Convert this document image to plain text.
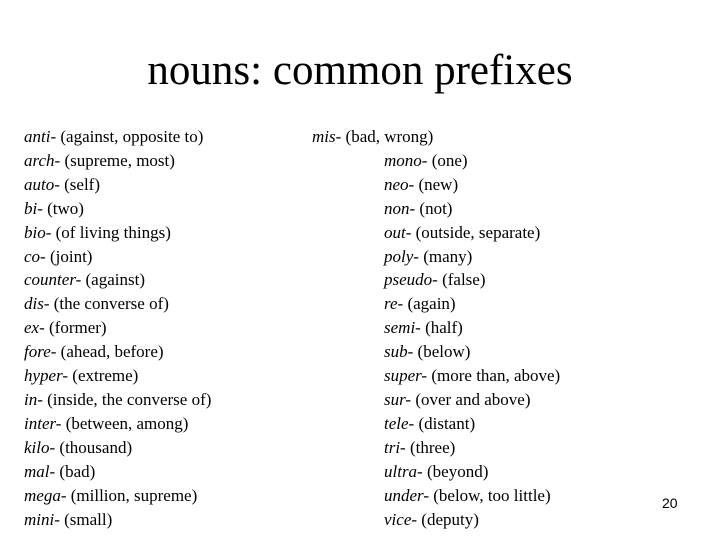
nouns: common prefixes
anti- (against, opposite to)
arch- (supreme, most)
auto- (self)
bi- (two)
bio- (of living things)
co- (joint)
counter- (against)
dis- (the converse of)
ex- (former)
fore- (ahead, before)
hyper- (extreme)
in- (inside, the converse of)
inter- (between, among)
kilo- (thousand)
mal- (bad)
mega- (million, supreme)
mini- (small)
mis- (bad, wrong)
mono- (one)
neo- (new)
non- (not)
out- (outside, separate)
poly- (many)
pseudo- (false)
re- (again)
semi- (half)
sub- (below)
super- (more than, above)
sur- (over and above)
tele- (distant)
tri- (three)
ultra- (beyond)
under- (below, too little)
vice- (deputy)
20
